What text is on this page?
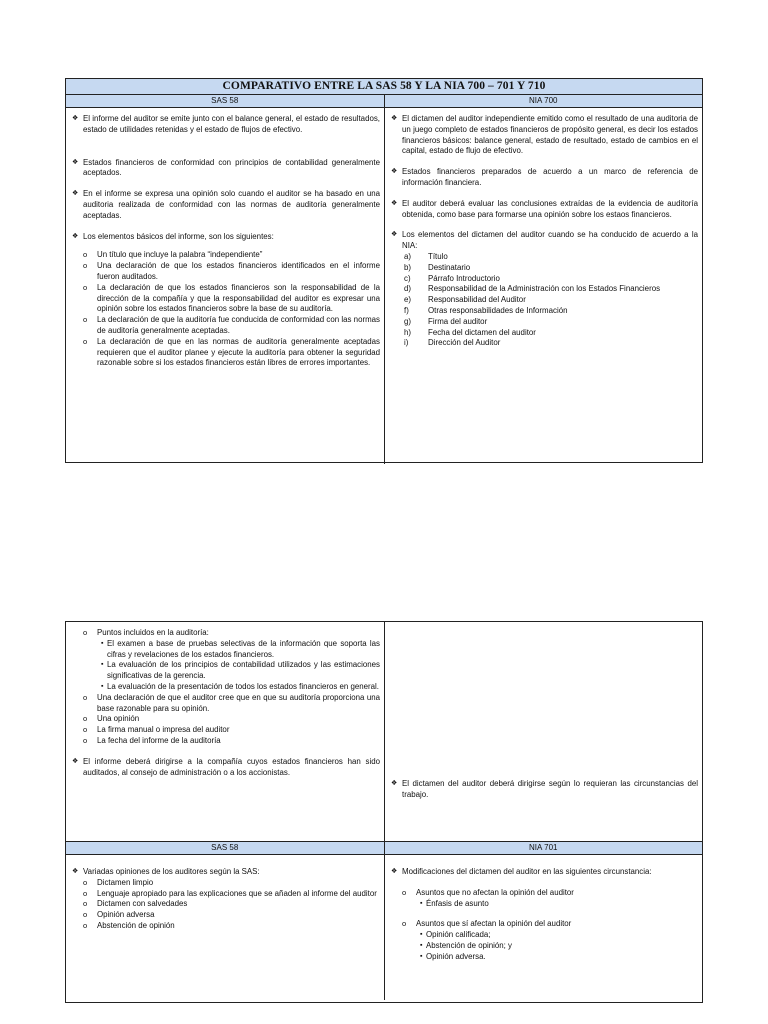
COMPARATIVO ENTRE LA SAS 58 Y LA NIA 700 – 701 Y 710
SAS 58	NIA 700

❖ El informe del auditor se emite junto con el balance general, el estado de resultados, estado de utilidades retenidas y el estado de flujos de efectivo.

❖ Estados financieros de conformidad con principios de contabilidad generalmente aceptados.

❖ En el informe se expresa una opinión solo cuando el auditor se ha basado en una auditoria realizada de conformidad con las normas de auditoría generalmente aceptadas.

❖ Los elementos básicos del informe, son los siguientes:

o Un título que incluye la palabra “independiente”

o Una declaración de que los estados financieros identificados en el informe fueron auditados.

o La declaración de que los estados financieros son la responsabilidad de la dirección de la compañía y que la responsabilidad del auditor es expresar una opinión sobre los estados financieros sobre la base de su auditoría.

o La declaración de que la auditoría fue conducida de conformidad con las normas de auditoría generalmente aceptadas.

o La declaración de que en las normas de auditoría generalmente aceptadas requieren que el auditor planee y ejecute la auditoría para obtener la seguridad razonable sobre si los estados financieros están libres de errores importantes.

❖ El dictamen del auditor independiente emitido como el resultado de una auditoria de un juego completo de estados financieros de propósito general, es decir los estados financieros básicos: balance general, estado de resultado, estado de cambios en el capital, estado de flujo de efectivo.

❖ Estados financieros preparados de acuerdo a un marco de referencia de información financiera.

❖ El auditor deberá evaluar las conclusiones extraídas de la evidencia de auditoría obtenida, como base para formarse una opinión sobre los estaos financieros.

❖ Los elementos del dictamen del auditor cuando se ha conducido de acuerdo a la NIA:

a) Título

b) Destinatario

c) Párrafo Introductorio

d) Responsabilidad de la Administración con los Estados Financieros

e) Responsabilidad del Auditor

f) Otras responsabilidades de Información

g) Firma del auditor

h) Fecha del dictamen del auditor

i) Dirección del Auditor

o Puntos incluidos en la auditoría:

▪ El examen a base de pruebas selectivas de la información que soporta las cifras y revelaciones de los estados financieros.

▪ La evaluación de los principios de contabilidad utilizados y las estimaciones significativas de la gerencia.

▪ La evaluación de la presentación de todos los estados financieros en general.

o Una declaración de que el auditor cree que en que su auditoría proporciona una base razonable para su opinión.

o Una opinión

o La firma manual o impresa del auditor

o La fecha del informe de la auditoría

❖ El informe deberá dirigirse a la compañía cuyos estados financieros han sido auditados, al consejo de administración o a los accionistas.

❖ El dictamen del auditor deberá dirigirse según lo requieran las circunstancias del trabajo.

SAS 58	NIA 701

❖ Variadas opiniones de los auditores según la SAS:

o Dictamen limpio

o Lenguaje apropiado para las explicaciones que se añaden al informe del auditor

o Dictamen con salvedades

o Opinión adversa

o Abstención de opinión

❖ Modificaciones del dictamen del auditor en las siguientes circunstancia:

o Asuntos que no afectan la opinión del auditor

▪ Énfasis de asunto

o Asuntos que sí afectan la opinión del auditor

▪ Opinión calificada;

▪ Abstención de opinión; y

▪ Opinión adversa.
